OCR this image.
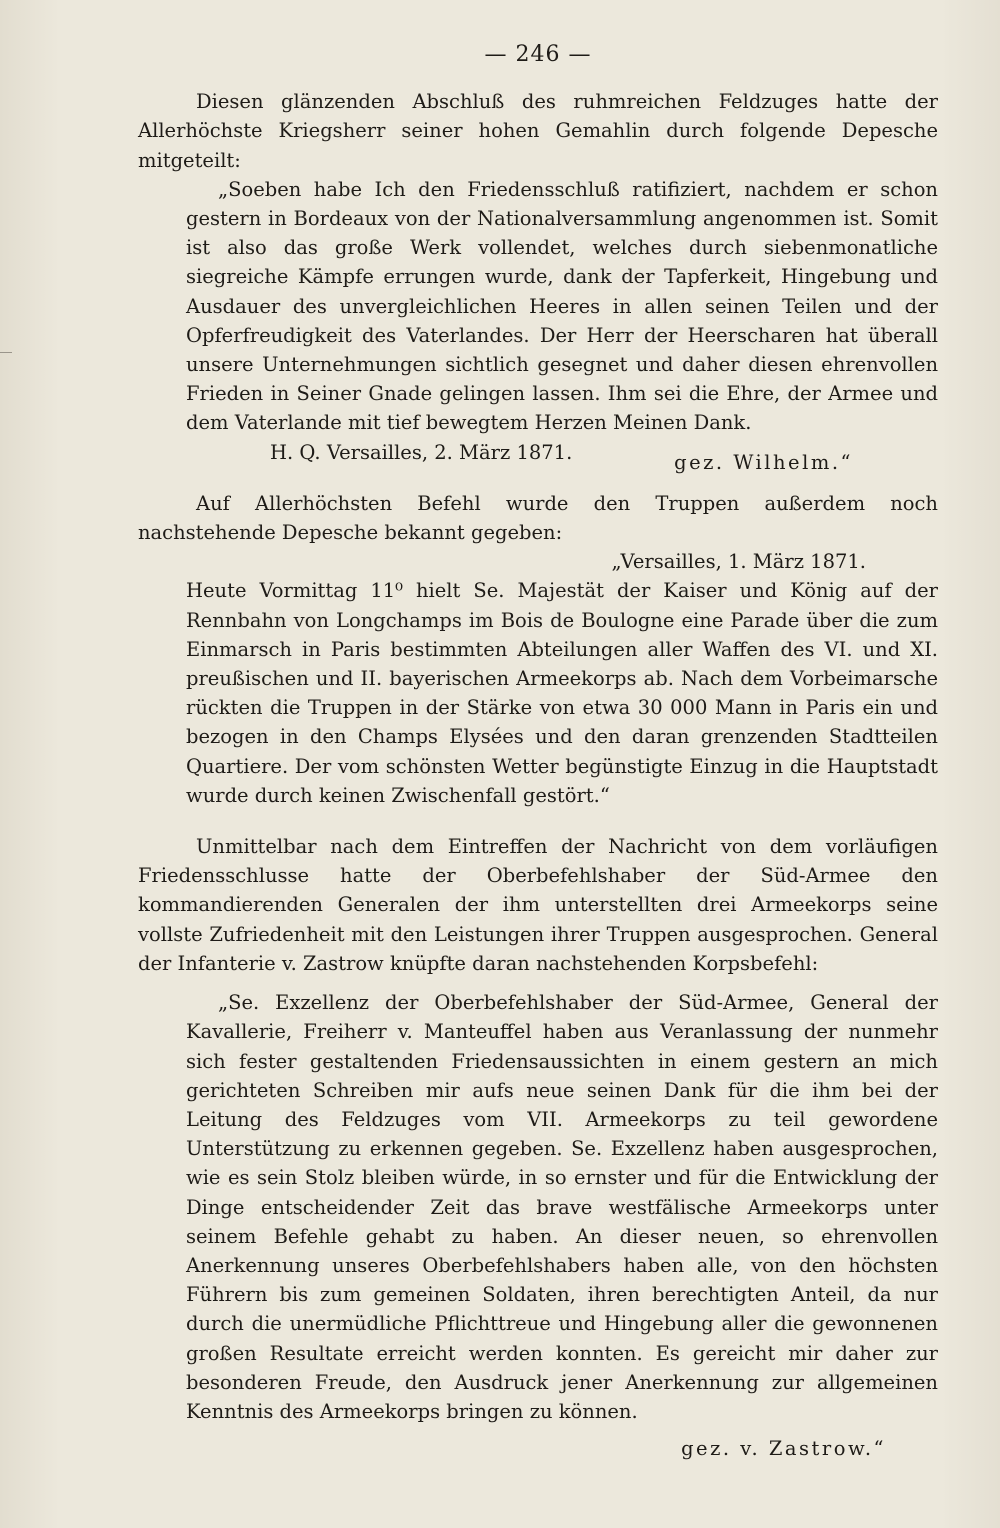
— 246 —

Diesen glänzenden Abschluß des ruhmreichen Feldzuges hatte der Allerhöchste Kriegsherr seiner hohen Gemahlin durch folgende Depesche mitgeteilt:

„Soeben habe Ich den Friedensschluß ratifiziert, nachdem er schon gestern in Bordeaux von der Nationalversammlung angenommen ist. Somit ist also das große Werk vollendet, welches durch siebenmonatliche siegreiche Kämpfe errungen wurde, dank der Tapferkeit, Hingebung und Ausdauer des unvergleichlichen Heeres in allen seinen Teilen und der Opferfreudigkeit des Vaterlandes. Der Herr der Heerscharen hat überall unsere Unternehmungen sichtlich gesegnet und daher diesen ehrenvollen Frieden in Seiner Gnade gelingen lassen. Ihm sei die Ehre, der Armee und dem Vaterlande mit tief bewegtem Herzen Meinen Dank.

H. Q. Versailles, 2. März 1871.	gez. Wilhelm.“

Auf Allerhöchsten Befehl wurde den Truppen außerdem noch nachstehende Depesche bekannt gegeben:

„Versailles, 1. März 1871.

Heute Vormittag 11⁰ hielt Se. Majestät der Kaiser und König auf der Rennbahn von Longchamps im Bois de Boulogne eine Parade über die zum Einmarsch in Paris bestimmten Abteilungen aller Waffen des VI. und XI. preußischen und II. bayerischen Armeekorps ab. Nach dem Vorbeimarsche rückten die Truppen in der Stärke von etwa 30 000 Mann in Paris ein und bezogen in den Champs Elysées und den daran grenzenden Stadtteilen Quartiere. Der vom schönsten Wetter begünstigte Einzug in die Hauptstadt wurde durch keinen Zwischenfall gestört.“

Unmittelbar nach dem Eintreffen der Nachricht von dem vorläufigen Friedensschlusse hatte der Oberbefehlshaber der Süd-Armee den kommandierenden Generalen der ihm unterstellten drei Armeekorps seine vollste Zufriedenheit mit den Leistungen ihrer Truppen ausgesprochen. General der Infanterie v. Zastrow knüpfte daran nachstehenden Korpsbefehl:

„Se. Exzellenz der Oberbefehlshaber der Süd-Armee, General der Kavallerie, Freiherr v. Manteuffel haben aus Veranlassung der nunmehr sich fester gestaltenden Friedensaussichten in einem gestern an mich gerichteten Schreiben mir aufs neue seinen Dank für die ihm bei der Leitung des Feldzuges vom VII. Armeekorps zu teil gewordene Unterstützung zu erkennen gegeben. Se. Exzellenz haben ausgesprochen, wie es sein Stolz bleiben würde, in so ernster und für die Entwicklung der Dinge entscheidender Zeit das brave westfälische Armeekorps unter seinem Befehle gehabt zu haben. An dieser neuen, so ehrenvollen Anerkennung unseres Oberbefehlshabers haben alle, von den höchsten Führern bis zum gemeinen Soldaten, ihren berechtigten Anteil, da nur durch die unermüdliche Pflichttreue und Hingebung aller die gewonnenen großen Resultate erreicht werden konnten. Es gereicht mir daher zur besonderen Freude, den Ausdruck jener Anerkennung zur allgemeinen Kenntnis des Armeekorps bringen zu können.

gez. v. Zastrow.“
